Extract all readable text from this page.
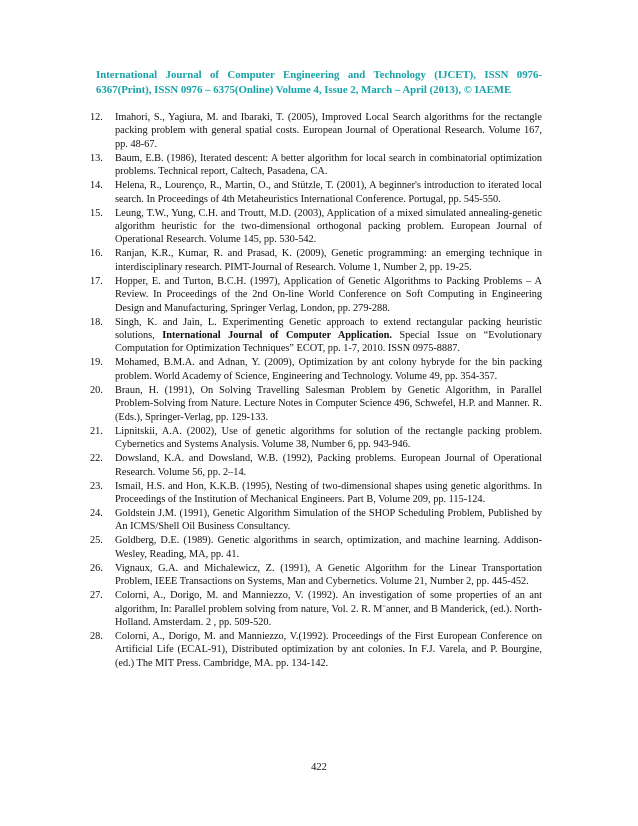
International Journal of Computer Engineering and Technology (IJCET), ISSN 0976-6367(Print), ISSN 0976 – 6375(Online) Volume 4, Issue 2, March – April (2013), © IAEME
12. Imahori, S., Yagiura, M. and Ibaraki, T. (2005), Improved Local Search algorithms for the rectangle packing problem with general spatial costs. European Journal of Operational Research. Volume 167, pp. 48-67.
13. Baum, E.B. (1986), Iterated descent: A better algorithm for local search in combinatorial optimization problems. Technical report, Caltech, Pasadena, CA.
14. Helena, R., Lourenço, R., Martin, O., and Stützle, T. (2001), A beginner's introduction to iterated local search. In Proceedings of 4th Metaheuristics International Conference. Portugal, pp. 545-550.
15. Leung, T.W., Yung, C.H. and Troutt, M.D. (2003), Application of a mixed simulated annealing-genetic algorithm heuristic for the two-dimensional orthogonal packing problem. European Journal of Operational Research. Volume 145, pp. 530-542.
16. Ranjan, K.R., Kumar, R. and Prasad, K. (2009), Genetic programming: an emerging technique in interdisciplinary research. PIMT-Journal of Research. Volume 1, Number 2, pp. 19-25.
17. Hopper, E. and Turton, B.C.H. (1997), Application of Genetic Algorithms to Packing Problems – A Review. In Proceedings of the 2nd On-line World Conference on Soft Computing in Engineering Design and Manufacturing, Springer Verlag, London, pp. 279-288.
18. Singh, K. and Jain, L. Experimenting Genetic approach to extend rectangular packing heuristic solutions, International Journal of Computer Application. Special Issue on “Evolutionary Computation for Optimization Techniques” ECOT, pp. 1-7, 2010. ISSN 0975-8887.
19. Mohamed, B.M.A. and Adnan, Y. (2009), Optimization by ant colony hybryde for the bin packing problem. World Academy of Science, Engineering and Technology. Volume 49, pp. 354-357.
20. Braun, H. (1991), On Solving Travelling Salesman Problem by Genetic Algorithm, in Parallel Problem-Solving from Nature. Lecture Notes in Computer Science 496, Schwefel, H.P. and Manner. R. (Eds.), Springer-Verlag, pp. 129-133.
21. Lipnitskii, A.A. (2002), Use of genetic algorithms for solution of the rectangle packing problem. Cybernetics and Systems Analysis. Volume 38, Number 6, pp. 943-946.
22. Dowsland, K.A. and Dowsland, W.B. (1992), Packing problems. European Journal of Operational Research. Volume 56, pp. 2–14.
23. Ismail, H.S. and Hon, K.K.B. (1995), Nesting of two-dimensional shapes using genetic algorithms. In Proceedings of the Institution of Mechanical Engineers. Part B, Volume 209, pp. 115-124.
24. Goldstein J.M. (1991), Genetic Algorithm Simulation of the SHOP Scheduling Problem, Published by An ICMS/Shell Oil Business Consultancy.
25. Goldberg, D.E. (1989). Genetic algorithms in search, optimization, and machine learning. Addison-Wesley, Reading, MA, pp. 41.
26. Vignaux, G.A. and Michalewicz, Z. (1991), A Genetic Algorithm for the Linear Transportation Problem, IEEE Transactions on Systems, Man and Cybernetics. Volume 21, Number 2, pp. 445-452.
27. Colorni, A., Dorigo, M. and Manniezzo, V. (1992). An investigation of some properties of an ant algorithm, In: Parallel problem solving from nature, Vol. 2. R. M¨anner, and B Manderick, (ed.). North-Holland. Amsterdam. 2 , pp. 509-520.
28. Colorni, A., Dorigo, M. and Manniezzo, V.(1992). Proceedings of the First European Conference on Artificial Life (ECAL-91), Distributed optimization by ant colonies. In F.J. Varela, and P. Bourgine, (ed.) The MIT Press. Cambridge, MA. pp. 134-142.
422
